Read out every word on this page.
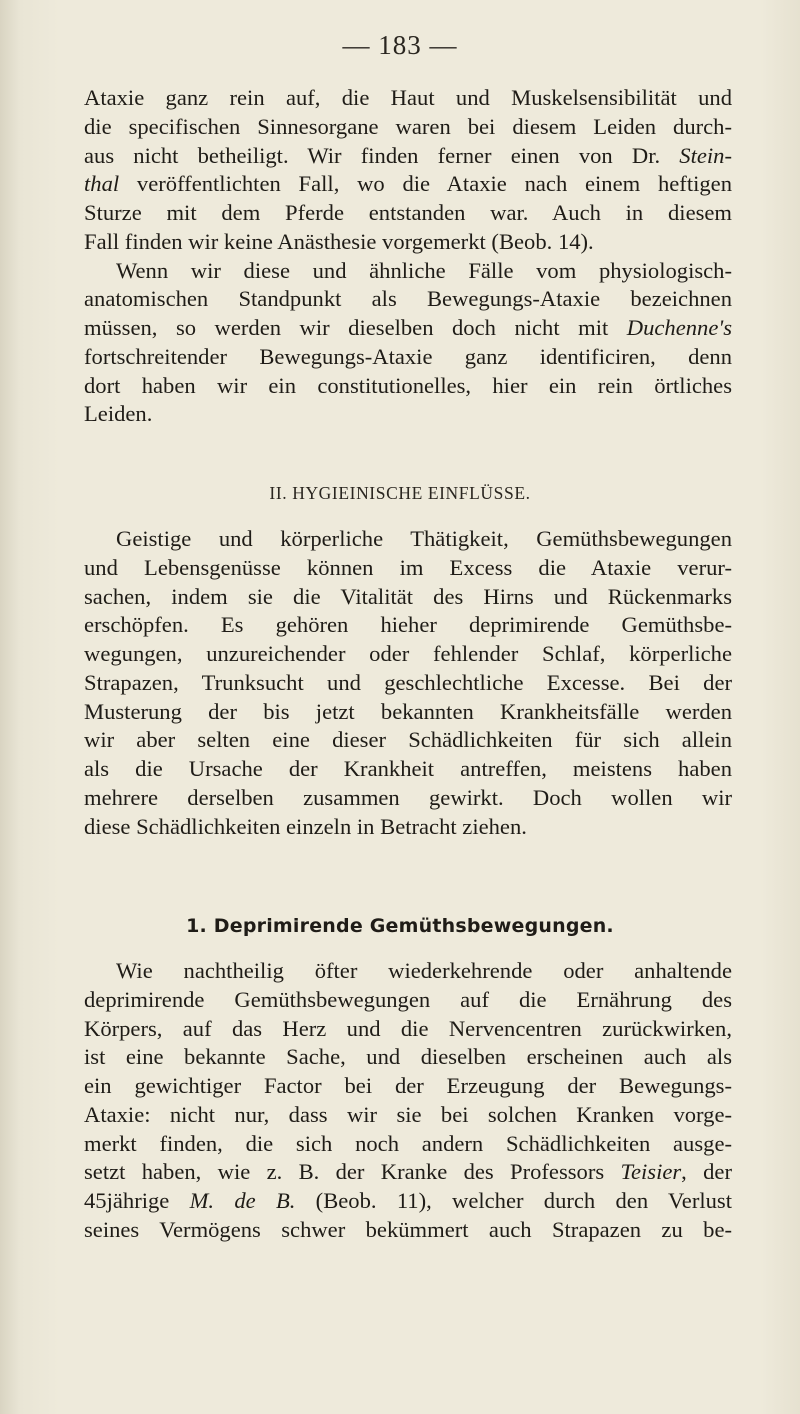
— 183 —
Ataxie ganz rein auf, die Haut und Muskelsensibilität und
die specifischen Sinnesorgane waren bei diesem Leiden durch-
aus nicht betheiligt. Wir finden ferner einen von Dr. Stein-
thal veröffentlichten Fall, wo die Ataxie nach einem heftigen
Sturze mit dem Pferde entstanden war. Auch in diesem
Fall finden wir keine Anästhesie vorgemerkt (Beob. 14).
Wenn wir diese und ähnliche Fälle vom physiologisch-
anatomischen Standpunkt als Bewegungs-Ataxie bezeichnen
müssen, so werden wir dieselben doch nicht mit Duchenne's
fortschreitender Bewegungs-Ataxie ganz identificiren, denn
dort haben wir ein constitutionelles, hier ein rein örtliches
Leiden.
II. HYGIEINISCHE EINFLÜSSE.
Geistige und körperliche Thätigkeit, Gemüthsbewegungen
und Lebensgenüsse können im Excess die Ataxie verur-
sachen, indem sie die Vitalität des Hirns und Rückenmarks
erschöpfen. Es gehören hieher deprimirende Gemüthsbe-
wegungen, unzureichender oder fehlender Schlaf, körperliche
Strapazen, Trunksucht und geschlechtliche Excesse. Bei der
Musterung der bis jetzt bekannten Krankheitsfälle werden
wir aber selten eine dieser Schädlichkeiten für sich allein
als die Ursache der Krankheit antreffen, meistens haben
mehrere derselben zusammen gewirkt. Doch wollen wir
diese Schädlichkeiten einzeln in Betracht ziehen.
1. Deprimirende Gemüthsbewegungen.
Wie nachtheilig öfter wiederkehrende oder anhaltende
deprimirende Gemüthsbewegungen auf die Ernährung des
Körpers, auf das Herz und die Nervencentren zurückwirken,
ist eine bekannte Sache, und dieselben erscheinen auch als
ein gewichtiger Factor bei der Erzeugung der Bewegungs-
Ataxie: nicht nur, dass wir sie bei solchen Kranken vorge-
merkt finden, die sich noch andern Schädlichkeiten ausge-
setzt haben, wie z. B. der Kranke des Professors Teisier, der
45jährige M. de B. (Beob. 11), welcher durch den Verlust
seines Vermögens schwer bekümmert auch Strapazen zu be-
